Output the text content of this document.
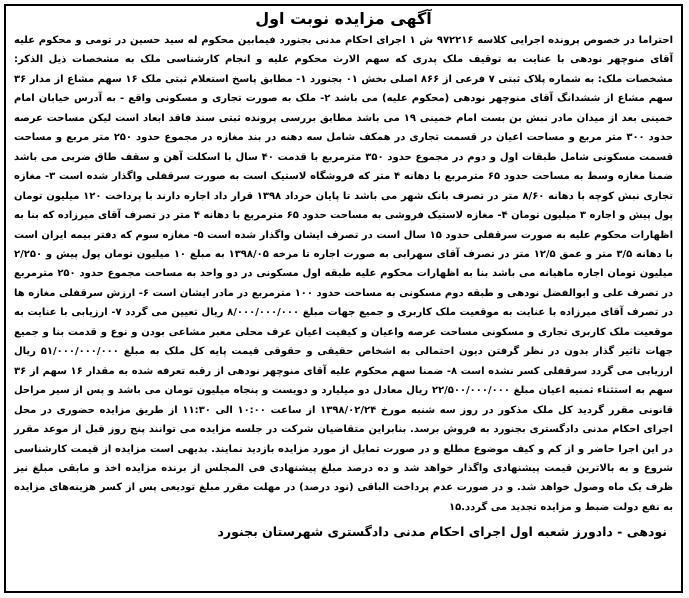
آگهی مزایده نوبت اول

احتراما در خصوص پرونده اجرایی کلاسه ۹۷۲۲۱۶ ش ۱ اجرای احکام مدنی بجنورد فیمابین محکوم له سید حسین در تومی و محکوم علیه آقای منوچهر نودهی با عنایت به توقیف ملک پدری که سهم الارث محکوم علیه و انجام کارشناسی ملک به مشخصات ذیل الذکر: مشخصات ملک: به شماره پلاک ثبتی ۷ فرعی از ۸۶۶ اصلی بخش ۰۱ بجنورد ۱- مطابق پاسخ استعلام ثبتی ملک ۱۶ سهم مشاع از مدار ۳۶ سهم مشاع از ششدانگ آقای منوچهر نودهی (محکوم علیه) می باشد ۲- ملک به صورت تجاری و مسکونی واقع - به آدرس خیابان امام خمینی بعد از میدان مادر نبش بن بست امام خمینی ۱۹ می باشد مطابق بررسی پرونده ثبتی سند فاقد ابعاد است لیکن مساحت عرصه حدود ۳۰۰ متر مربع و مساحت اعیان در قسمت تجاری در همکف شامل سه دهنه در بند مغازه در مجموع حدود ۲۵۰ متر مربع و مساحت قسمت مسکونی شامل طبقات اول و دوم در مجموع حدود ۳۵۰ مترمربع با قدمت ۴۰ سال با اسکلت آهن و سقف طاق ضربی می باشد ضمنا مغازه وسط به مساحت حدود ۶۵ مترمربع با دهانه ۴ متر که فروشگاه لاستیک است به صورت سرقفلی واگذار شده است ۳- مغازه تجاری نبش کوچه با دهانه ۸/۶۰ متر در تصرف بانک شهر می باشد تا پایان خرداد ۱۳۹۸ قرار داد اجاره دارند با پرداخت ۱۲۰ میلیون تومان پول پیش و اجاره ۳ میلیون تومان ۴- مغازه لاستیک فروشی به مساحت حدود ۶۵ مترمربع با دهانه ۴ متر در تصرف آقای میرزاده که بنا به اظهارات محکوم علیه به صورت سرقفلی حدود ۱۵ سال است در تصرف ایشان واگذار شده است ۵- مغازه سوم که دفتر بیمه ایران است با دهانه ۳/۵ متر و عمق ۱۲/۵ متر در تصرف آقای سهرابی به صورت اجاره تا مرخه ۱۳۹۸/۰۵ به مبلغ ۱۰ میلیون تومان پول پیش و ۲/۲۵۰ میلیون تومان اجاره ماهیانه می باشد بنا به اظهارات محکوم علیه طبقه اول مسکونی در دو واحد به مساحت مجموع حدود ۲۵۰ مترمربع در تصرف علی و ابوالفضل نودهی و طبقه دوم مسکونی به مساحت حدود ۱۰۰ مترمربع در مادر ایشان است ۶- ارزش سرقفلی مغازه ها در تصرف آقای میرزاده با عنایت به موقعیت ملک کاربری و جمیع جهات مبلغ ۸/۰۰۰/۰۰۰/۰۰۰ ریال تعیین می گردد ۷- ارزیابی با عنایت به موقعیت ملک کاربری تجاری و مسکونی مساحت عرصه واعیان و کیفیت اعیان عرف محلی معبر مشاعی بودن و نوع و قدمت بنا و جمیع جهات تاثیر گذار بدون در نظر گرفتن دیون احتمالی به اشخاص حقیقی و حقوقی قیمت پایه کل ملک به مبلغ ۵۱/۰۰۰/۰۰۰/۰۰۰ ریال ارزیابی می گردد سرقفلی کسر نشده است ۸- ضمنا سهم محکوم علیه آقای منوچهر نودهی از رقبه تعرفه شده به مقدار ۱۶ سهم از ۳۶ سهم به استثناء ثمنیه اعیان مبلغ ۲۲/۵۰۰/۰۰۰/۰۰۰ ریال معادل دو میلیارد و دویست و پنجاه میلیون تومان می باشد و پس از سیر مراحل قانونی مقرر گردید کل ملک مذکور در روز سه شنبه مورخ ۱۳۹۸/۰۲/۲۴ از ساعت ۱۰:۰۰ الی ۱۱:۳۰ از طریق مزایده حضوری در محل اجرای احکام مدنی دادگستری بجنورد به فروش برسد. بنابراین متقاضیان شرکت در جلسه مزایده می توانند پنج روز قبل از موعد مقرر در این اجرا حاضر و از کم و کیف موضوع مطلع و در صورت تمایل از مورد مزایده بازدید نمایند. بدیهی است مزایده از قیمت کارشناسی شروع و به بالاترین قیمت پیشنهادی واگذار خواهد شد و ده درصد مبلغ پیشنهادی فی المجلس از برنده مزایده اخذ و مابقی مبلغ نیز ظرف یک ماه وصول خواهد شد. و در صورت عدم پرداخت الباقی (نود درصد) در مهلت مقرر مبلغ تودیعی پس از کسر هزینه‌های مزایده به نفع دولت ضبط و مزایده تجدید می گردد.۱۵

نودهی - دادورز شعبه اول اجرای احکام مدنی دادگستری شهرستان بجنورد
